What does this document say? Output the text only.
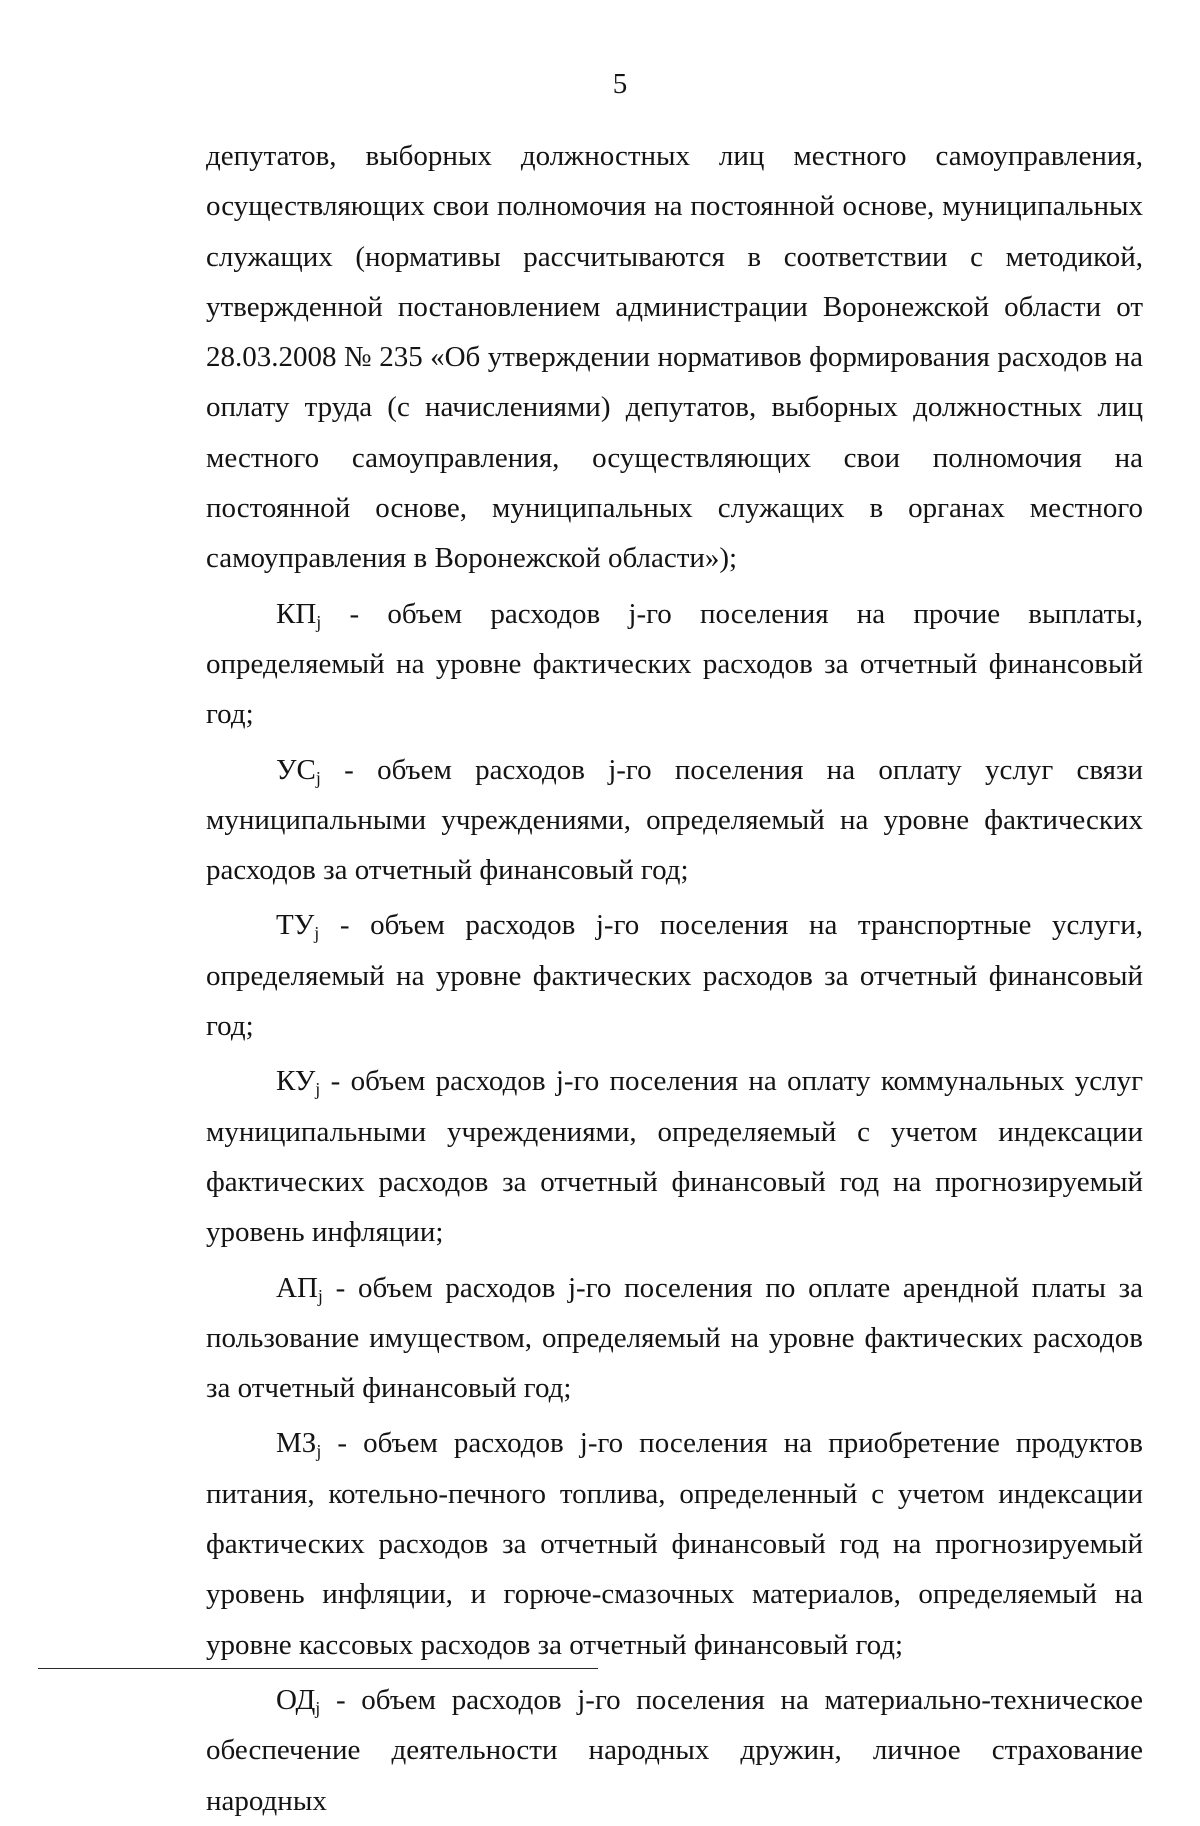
5

депутатов, выборных должностных лиц местного самоуправления, осуществляющих свои полномочия на постоянной основе, муниципальных служащих (нормативы рассчитываются в соответствии с методикой, утвержденной постановлением администрации Воронежской области от 28.03.2008 № 235 «Об утверждении нормативов формирования расходов на оплату труда (с начислениями) депутатов, выборных должностных лиц местного самоуправления, осуществляющих свои полномочия на постоянной основе, муниципальных служащих в органах местного самоуправления в Воронежской области»);

$КП_j$ - объем расходов j-го поселения на прочие выплаты, определяемый на уровне фактических расходов за отчетный финансовый год;

$УС_j$ - объем расходов j-го поселения на оплату услуг связи муниципальными учреждениями, определяемый на уровне фактических расходов за отчетный финансовый год;

$ТУ_j$ - объем расходов j-го поселения на транспортные услуги, определяемый на уровне фактических расходов за отчетный финансовый год;

$КУ_j$ - объем расходов j-го поселения на оплату коммунальных услуг муниципальными учреждениями, определяемый с учетом индексации фактических расходов за отчетный финансовый год на прогнозируемый уровень инфляции;

$АП_j$ - объем расходов j-го поселения по оплате арендной платы за пользование имуществом, определяемый на уровне фактических расходов за отчетный финансовый год;

$МЗ_j$ - объем расходов j-го поселения на приобретение продуктов питания, котельно-печного топлива, определенный с учетом индексации фактических расходов за отчетный финансовый год на прогнозируемый уровень инфляции, и горюче-смазочных материалов, определяемый на уровне кассовых расходов за отчетный финансовый год;

$ОД_j$ - объем расходов j-го поселения на материально-техническое обеспечение деятельности народных дружин, личное страхование народных
